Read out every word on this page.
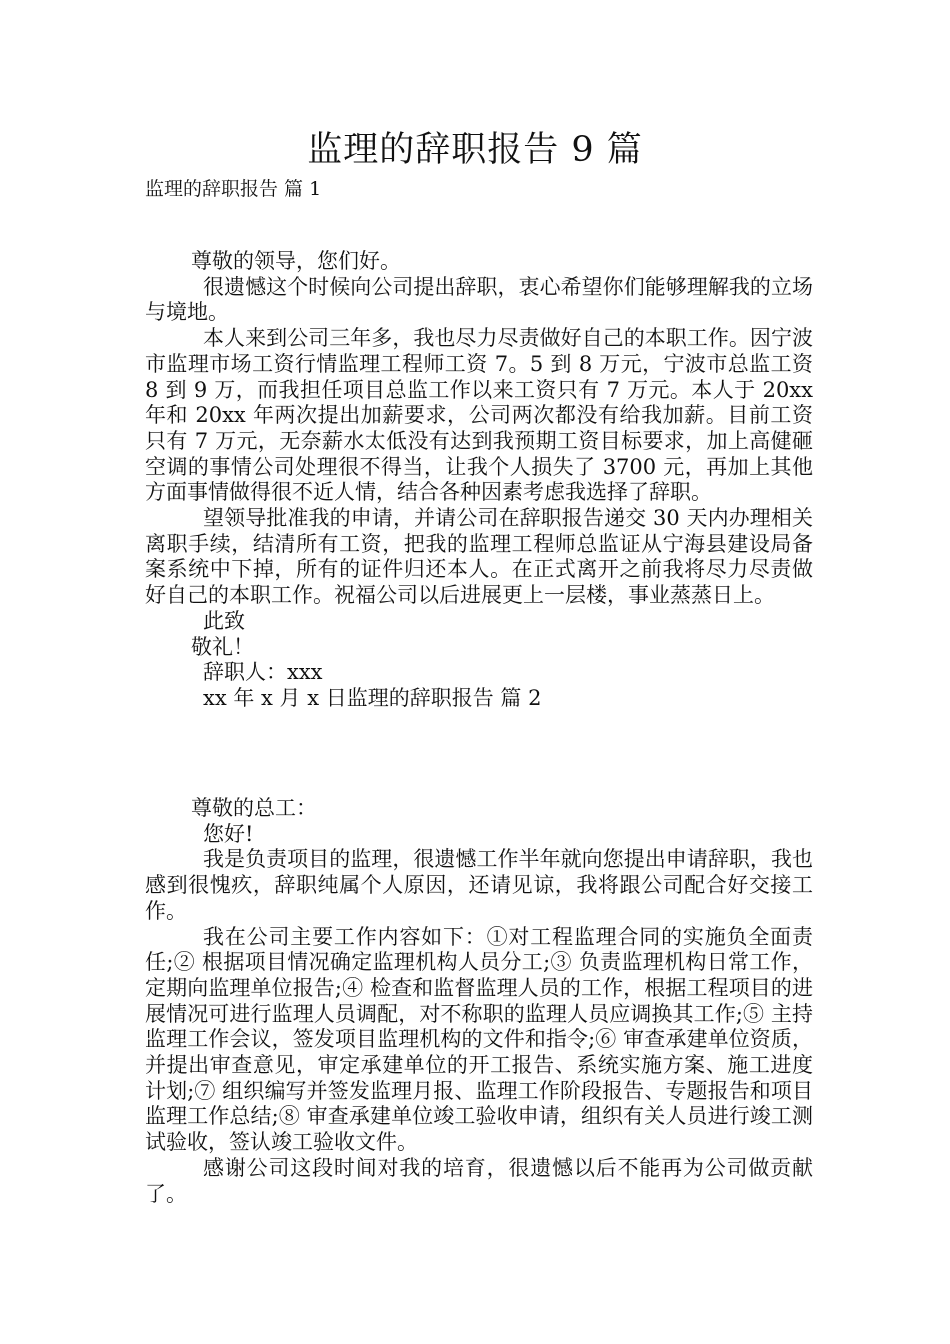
监理的辞职报告 9 篇
监理的辞职报告 篇 1

尊敬的领导，您们好。

很遗憾这个时候向公司提出辞职，衷心希望你们能够理解我的立场与境地。

本人来到公司三年多，我也尽力尽责做好自己的本职工作。因宁波市监理市场工资行情监理工程师工资 7。5 到 8 万元，宁波市总监工资 8 到 9 万，而我担任项目总监工作以来工资只有 7 万元。本人于 20xx 年和 20xx 年两次提出加薪要求，公司两次都没有给我加薪。目前工资只有 7 万元，无奈薪水太低没有达到我预期工资目标要求，加上高健砸空调的事情公司处理很不得当，让我个人损失了 3700 元，再加上其他方面事情做得很不近人情，结合各种因素考虑我选择了辞职。

望领导批准我的申请，并请公司在辞职报告递交 30 天内办理相关离职手续，结清所有工资，把我的监理工程师总监证从宁海县建设局备案系统中下掉，所有的证件归还本人。在正式离开之前我将尽力尽责做好自己的本职工作。祝福公司以后进展更上一层楼，事业蒸蒸日上。

此致

敬礼！

辞职人：xxx

xx 年 x 月 x 日监理的辞职报告 篇 2

尊敬的总工：

您好!

我是负责项目的监理，很遗憾工作半年就向您提出申请辞职，我也感到很愧疚，辞职纯属个人原因，还请见谅，我将跟公司配合好交接工作。

我在公司主要工作内容如下：①对工程监理合同的实施负全面责任;② 根据项目情况确定监理机构人员分工;③ 负责监理机构日常工作，定期向监理单位报告;④ 检查和监督监理人员的工作，根据工程项目的进展情况可进行监理人员调配，对不称职的监理人员应调换其工作;⑤ 主持监理工作会议，签发项目监理机构的文件和指令;⑥ 审查承建单位资质，并提出审查意见，审定承建单位的开工报告、系统实施方案、施工进度计划;⑦ 组织编写并签发监理月报、监理工作阶段报告、专题报告和项目监理工作总结;⑧ 审查承建单位竣工验收申请，组织有关人员进行竣工测试验收，签认竣工验收文件。

感谢公司这段时间对我的培育，很遗憾以后不能再为公司做贡献了。
